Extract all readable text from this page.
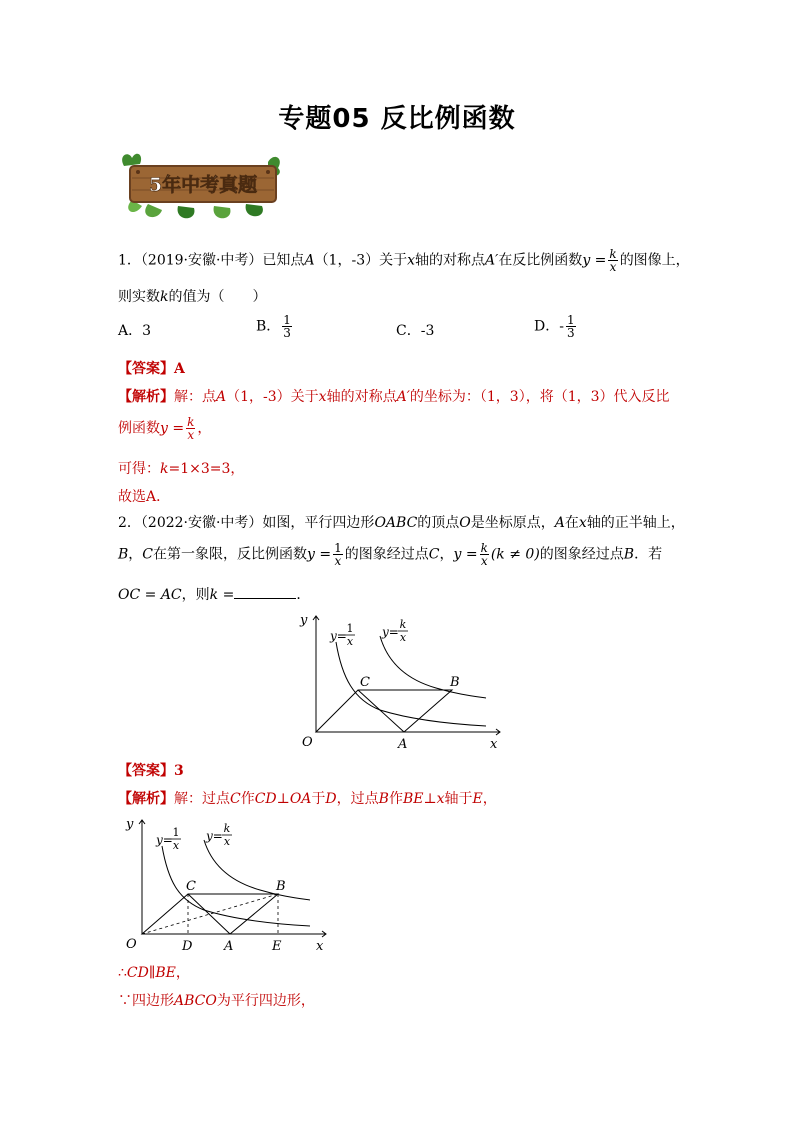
专题05 反比例函数
5年中考真题
1．（2019·安徽·中考）已知点A（1，-3）关于x轴的对称点A′在反比例函数$y = \frac{k}{x}$ 的图像上，
则实数k的值为（　　）
A．3	B． $\frac{1}{3}$	C．-3	D．- $\frac{1}{3}$
【答案】A
【解析】解：点A（1，-3）关于x轴的对称点A′的坐标为：（1，3），将（1，3）代入反比
例函数$y = \frac{k}{x}$ ，
可得：k=1×3=3，
故选A．
2．（2022·安徽·中考）如图，平行四边形OABC的顶点O是坐标原点，A在x轴的正半轴上，
B，C在第一象限，反比例函数$y = \frac{1}{x}$ 的图象经过点C，$y = \frac{k}{x} (k \ne 0)$的图象经过点B．若
OC = AC，则k =	．
y
x
O	A
C	B
y=
1
x
y=
k
x
【答案】3
【解析】解：过点C作CD⊥OA于D，过点B作BE⊥x轴于E，
y
x
O	D A	E
C	B
y=
1
x
y=
k
x
∴CD∥BE，
∵四边形ABCO为平行四边形，
